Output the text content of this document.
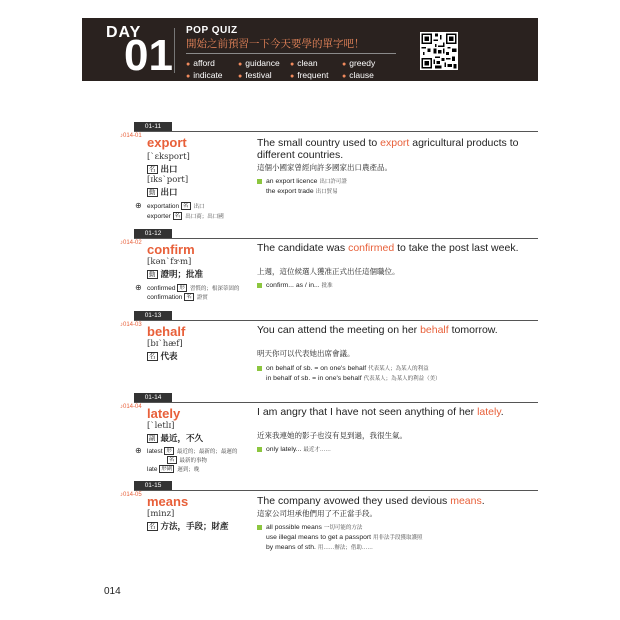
DAY
01
POP QUIZ
開始之前預習一下今天要學的單字吧！
● afford	● guidance ● clean	● greedy
● indicate ● festival	● frequent ● clause
01-11
♪014-01 export
[ˋɛksport]
名 出口
[ɪksˋport]
動 出口
⊕ exportation 名 出口
exporter 名 出口商；出口國
The small country used to export agricultural products to different countries.
這個小國家曾經向許多國家出口農產品。
an export licence 出口許可證
the export trade 出口貿易
01-12
♪014-02 confirm
[kənˋfɝm]
動 證明；批准
⊕ confirmed 形 習慣的；根深蒂固的
confirmation 名 證實
The candidate was confirmed to take the post last week.
上週，這位候選人獲准正式出任這個職位。
confirm... as / in... 批准
01-13
♪014-03 behalf
[bɪˋhæf]
名 代表
You can attend the meeting on her behalf tomorrow.
明天你可以代表她出席會議。
on behalf of sb. = on one's behalf 代表某人；為某人的利益
in behalf of sb. = in one's behalf 代表某人；為某人的利益（美）
01-14
♪014-04 lately
[ˋletlɪ]
副 最近，不久
⊕ latest 形 最近的；最新的；最遲的
名 最新的事物
late 形副 遲到；晚
I am angry that I have not seen anything of her lately.
近來我連她的影子也沒有見到過，我很生氣。
only lately... 最近才……
01-15
♪014-05 means
[minz]
名 方法，手段；財產
The company avowed they used devious means.
這家公司坦承他們用了不正當手段。
all possible means 一切可能的方法
use illegal means to get a passport 用非法手段獲取護照
by means of sth. 用……辦法；借助……
014
